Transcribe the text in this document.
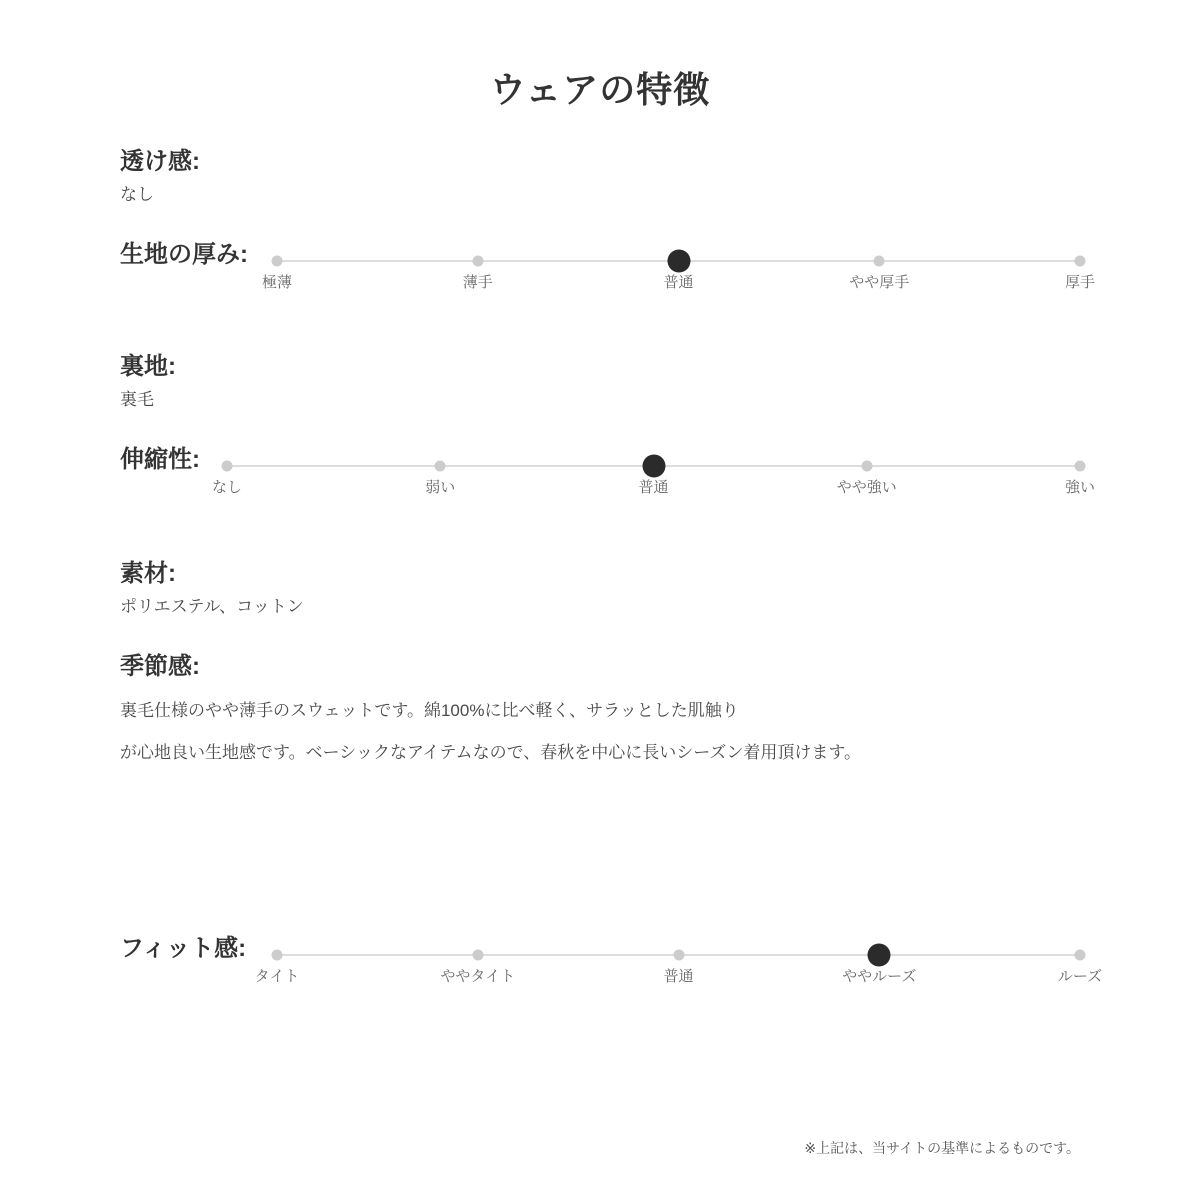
ウェアの特徴
透け感:
なし
生地の厚み:
極薄	薄手	普通	やや厚手	厚手
裏地:
裏毛
伸縮性:
なし	弱い	普通	やや強い	強い
素材:
ポリエステル、コットン
季節感:
裏毛仕様のやや薄手のスウェットです。綿100%に比べ軽く、サラッとした肌触り
が心地良い生地感です。ベーシックなアイテムなので、春秋を中心に長いシーズン着用頂けます。
フィット感:
タイト	ややタイト	普通	ややルーズ	ルーズ
※上記は、当サイトの基準によるものです。
